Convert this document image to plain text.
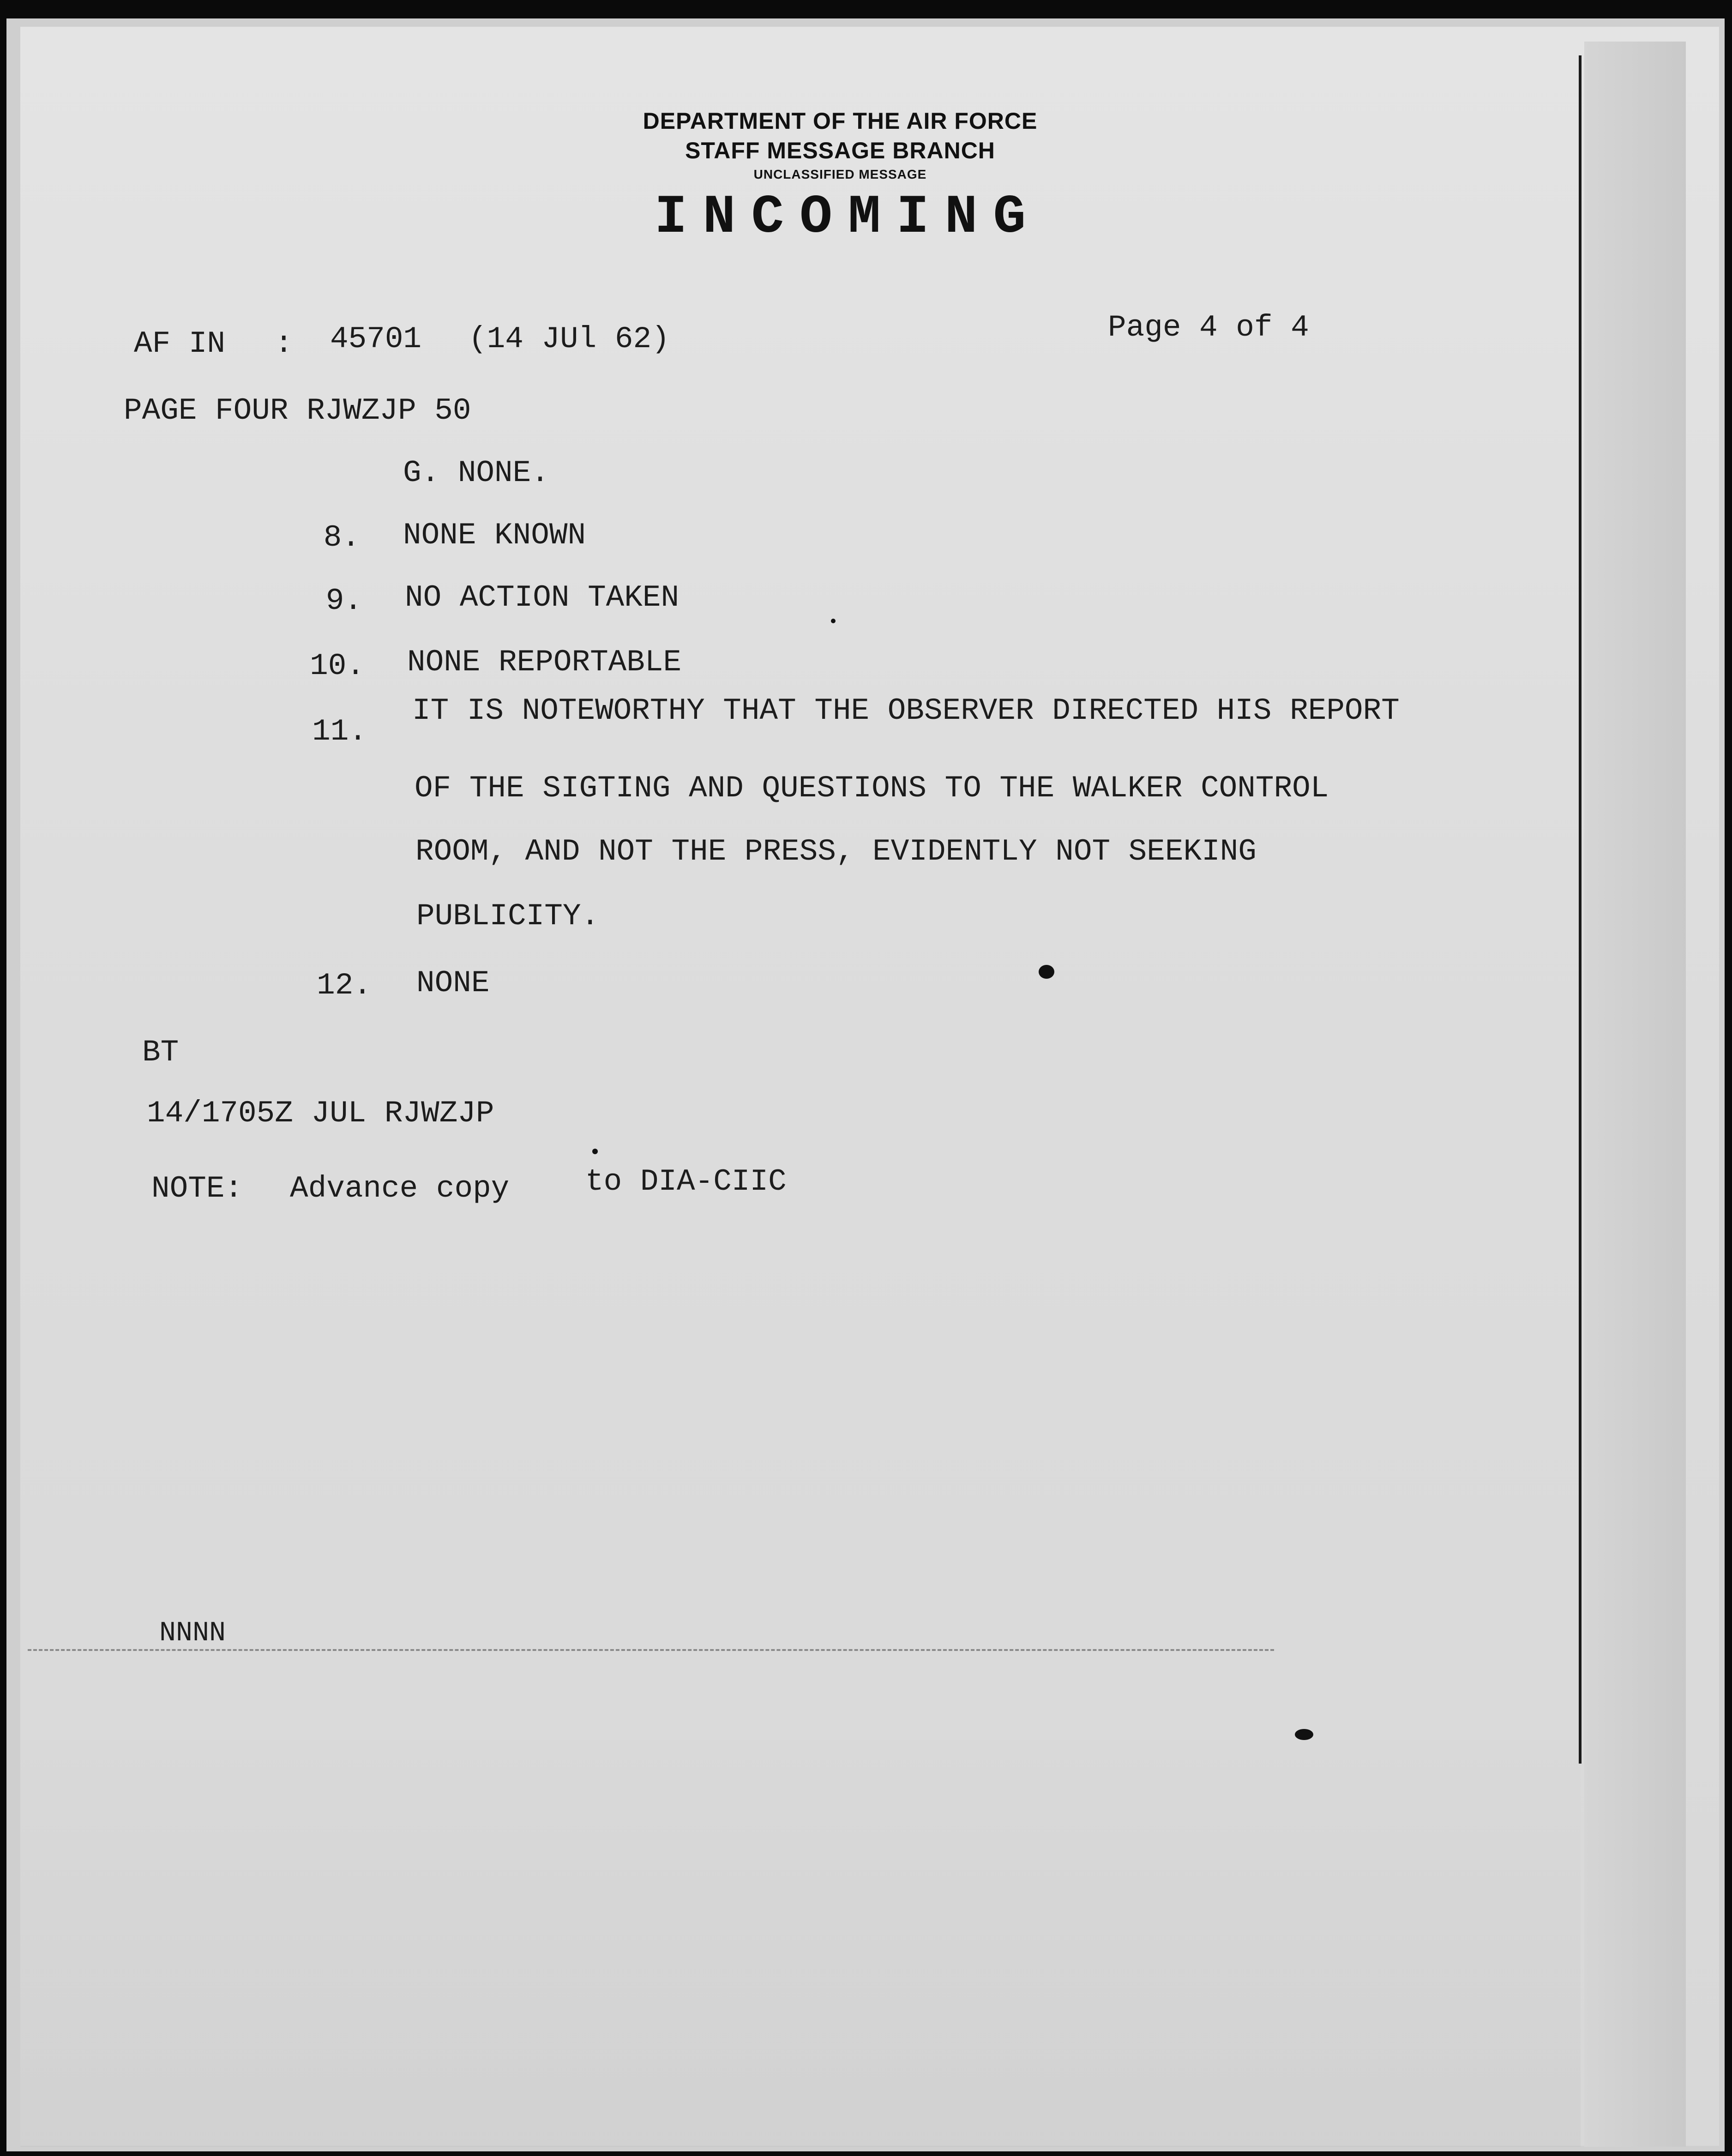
DEPARTMENT OF THE AIR FORCE
STAFF MESSAGE BRANCH
UNCLASSIFIED MESSAGE
INCOMING
AF IN : 45701 (14 JUl 62)	Page 4 of 4
PAGE FOUR RJWZJP 50
G. NONE.
8. NONE KNOWN
9. NO ACTION TAKEN
10. NONE REPORTABLE
11.
IT IS NOTEWORTHY THAT THE OBSERVER DIRECTED HIS REPORT
OF THE SIGTING AND QUESTIONS TO THE WALKER CONTROL
ROOM, AND NOT THE PRESS, EVIDENTLY NOT SEEKING
PUBLICITY.
12. NONE
BT
14/1705Z JUL RJWZJP
NOTE: Advance copy to DIA-CIIC
NNNN
